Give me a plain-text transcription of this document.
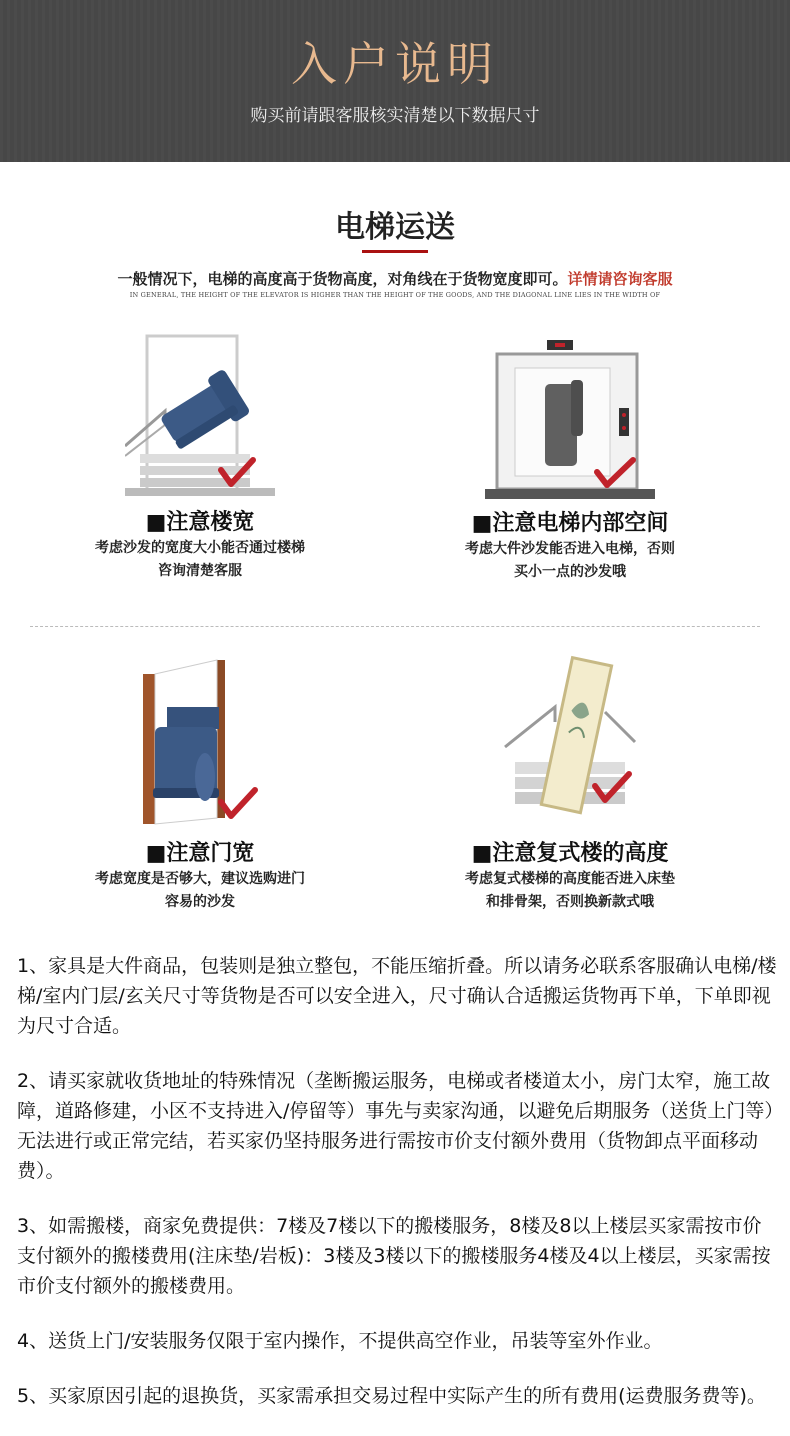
入户说明
购买前请跟客服核实清楚以下数据尺寸
电梯运送
一般情况下，电梯的高度高于货物高度，对角线在于货物宽度即可。详情请咨询客服
IN GENERAL, THE HEIGHT OF THE ELEVATOR IS HIGHER THAN THE HEIGHT OF THE GOODS, AND THE DIAGONAL LINE LIES IN THE WIDTH OF
■注意楼宽
考虑沙发的宽度大小能否通过楼梯
咨询清楚客服
■注意电梯内部空间
考虑大件沙发能否进入电梯，否则
买小一点的沙发哦
■注意门宽
考虑宽度是否够大，建议选购进门
容易的沙发
■注意复式楼的高度
考虑复式楼梯的高度能否进入床垫
和排骨架，否则换新款式哦

1、家具是大件商品，包装则是独立整包，不能压缩折叠。所以请务必联系客服确认电梯/楼梯/室内门层/玄关尺寸等货物是否可以安全进入，尺寸确认合适搬运货物再下单，下单即视为尺寸合适。

2、请买家就收货地址的特殊情况（垄断搬运服务，电梯或者楼道太小，房门太窄，施工故障，道路修建，小区不支持进入/停留等）事先与卖家沟通，以避免后期服务（送货上门等）无法进行或正常完结，若买家仍坚持服务进行需按市价支付额外费用（货物卸点平面移动费）。

3、如需搬楼，商家免费提供：7楼及7楼以下的搬楼服务，8楼及8以上楼层买家需按市价支付额外的搬楼费用(注床垫/岩板)：3楼及3楼以下的搬楼服务4楼及4以上楼层，买家需按市价支付额外的搬楼费用。

4、送货上门/安装服务仅限于室内操作，不提供高空作业，吊装等室外作业。

5、买家原因引起的退换货，买家需承担交易过程中实际产生的所有费用(运费服务费等)。
